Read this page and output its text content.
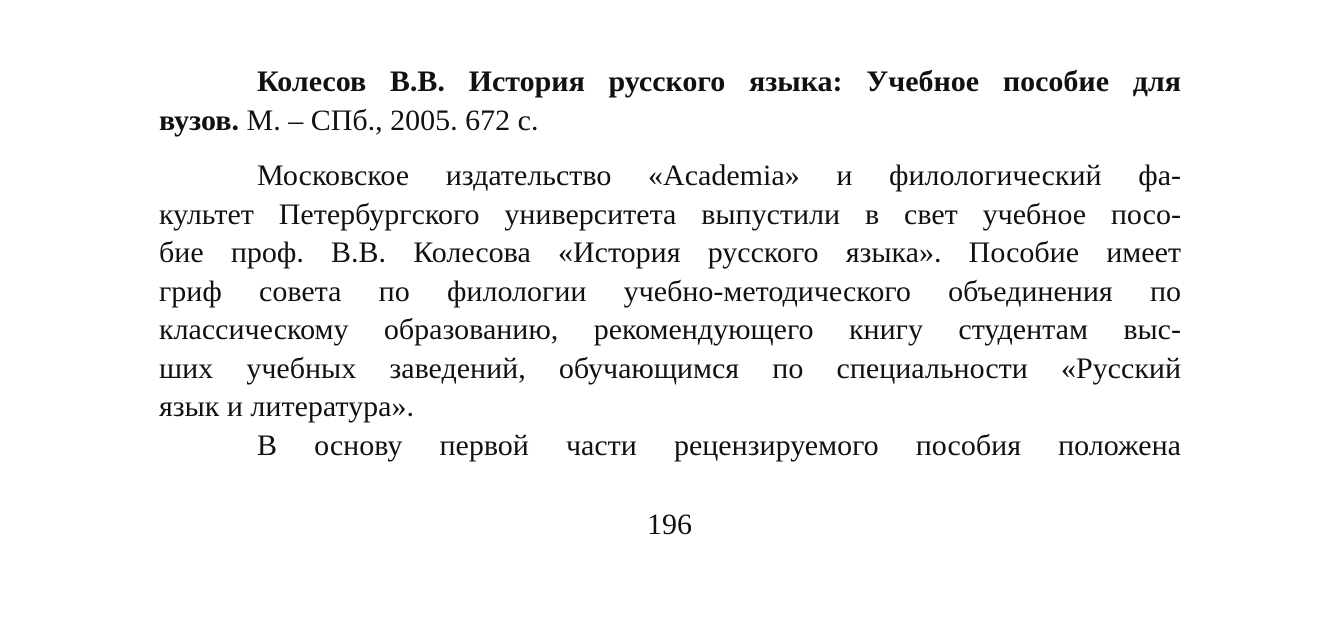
Колесов В.В. История русского языка: Учебное пособие для
вузов. М. – СПб., 2005. 672 с.
Московское издательство «Academia» и филологический фа-
культет Петербургского университета выпустили в свет учебное посо-
бие проф. В.В. Колесова «История русского языка». Пособие имеет
гриф совета по филологии учебно-методического объединения по
классическому образованию, рекомендующего книгу студентам выс-
ших учебных заведений, обучающимся по специальности «Русский
язык и литература».
В основу первой части рецензируемого пособия положена
196
